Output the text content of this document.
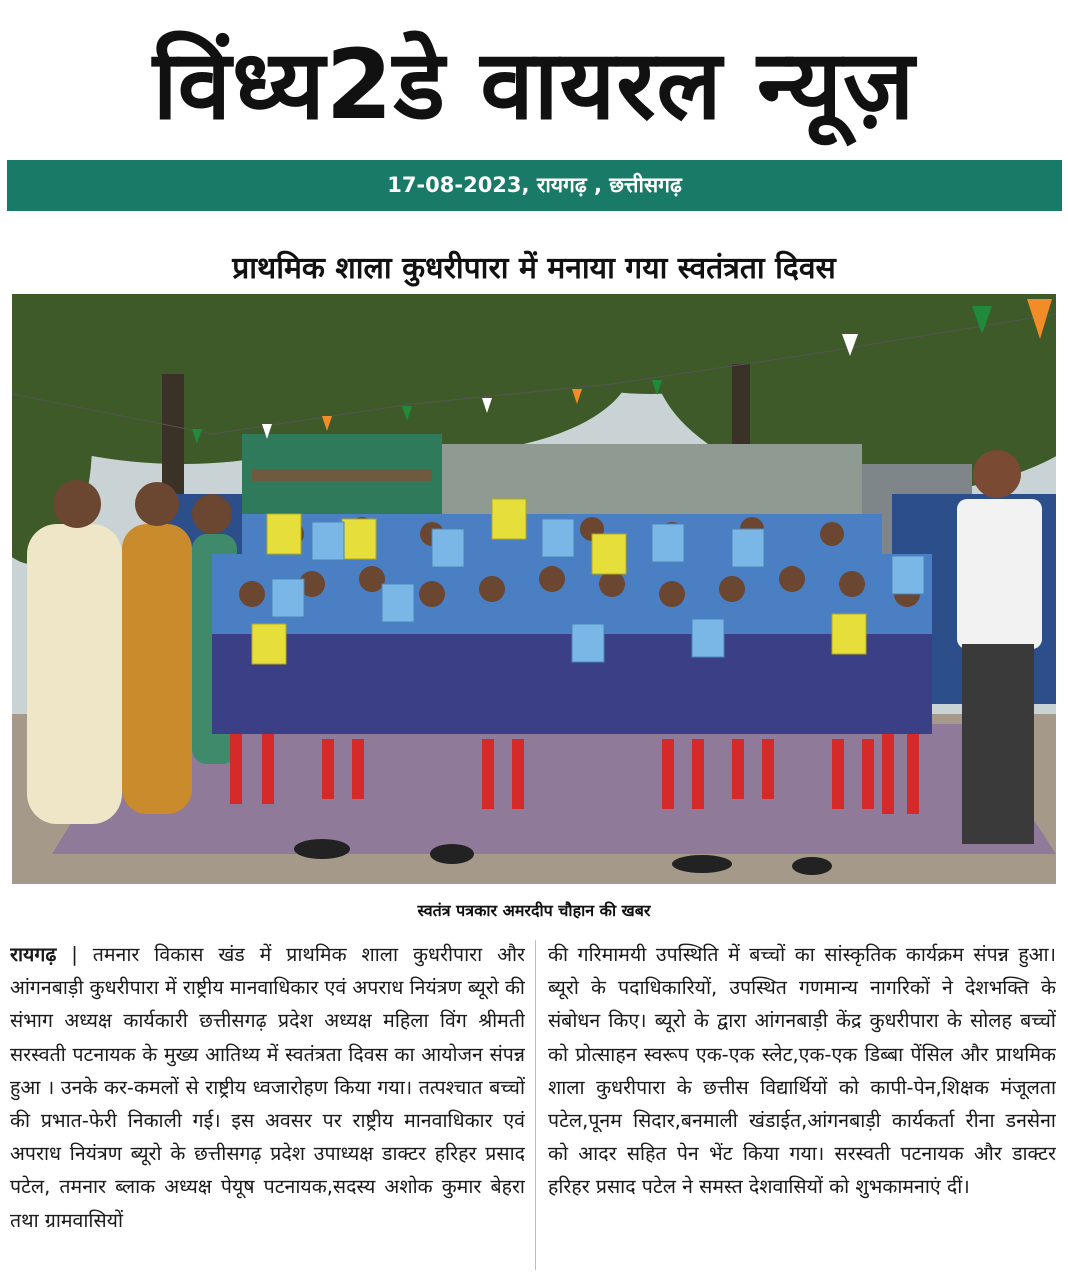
विंध्य2डे वायरल न्यूज़
17-08-2023, रायगढ़ , छत्तीसगढ़
प्राथमिक शाला कुधरीपारा में मनाया गया स्वतंत्रता दिवस
स्वतंत्र पत्रकार अमरदीप चौहान की खबर
रायगढ़ | तमनार विकास खंड में प्राथमिक शाला कुधरीपारा और आंगनबाड़ी कुधरीपारा में राष्ट्रीय मानवाधिकार एवं अपराध नियंत्रण ब्यूरो की संभाग अध्यक्ष कार्यकारी छत्तीसगढ़ प्रदेश अध्यक्ष महिला विंग श्रीमती सरस्वती पटनायक के मुख्य आतिथ्य में स्वतंत्रता दिवस का आयोजन संपन्न हुआ । उनके कर-कमलों से राष्ट्रीय ध्वजारोहण किया गया। तत्पश्चात बच्चों की प्रभात-फेरी निकाली गई। इस अवसर पर राष्ट्रीय मानवाधिकार एवं अपराध नियंत्रण ब्यूरो के छत्तीसगढ़ प्रदेश उपाध्यक्ष डाक्टर हरिहर प्रसाद पटेल, तमनार ब्लाक अध्यक्ष पेयूष पटनायक,सदस्य अशोक कुमार बेहरा तथा ग्रामवासियों
की गरिमामयी उपस्थिति में बच्चों का सांस्कृतिक कार्यक्रम संपन्न हुआ। ब्यूरो के पदाधिकारियों, उपस्थित गणमान्य नागरिकों ने देशभक्ति के संबोधन किए। ब्यूरो के द्वारा आंगनबाड़ी केंद्र कुधरीपारा के सोलह बच्चों को प्रोत्साहन स्वरूप एक-एक स्लेट,एक-एक डिब्बा पेंसिल और प्राथमिक शाला कुधरीपारा के छत्तीस विद्यार्थियों को कापी-पेन,शिक्षक मंजूलता पटेल,पूनम सिदार,बनमाली खंडाईत,आंगनबाड़ी कार्यकर्ता रीना डनसेना को आदर सहित पेन भेंट किया गया। सरस्वती पटनायक और डाक्टर हरिहर प्रसाद पटेल ने समस्त देशवासियों को शुभकामनाएं दीं।
